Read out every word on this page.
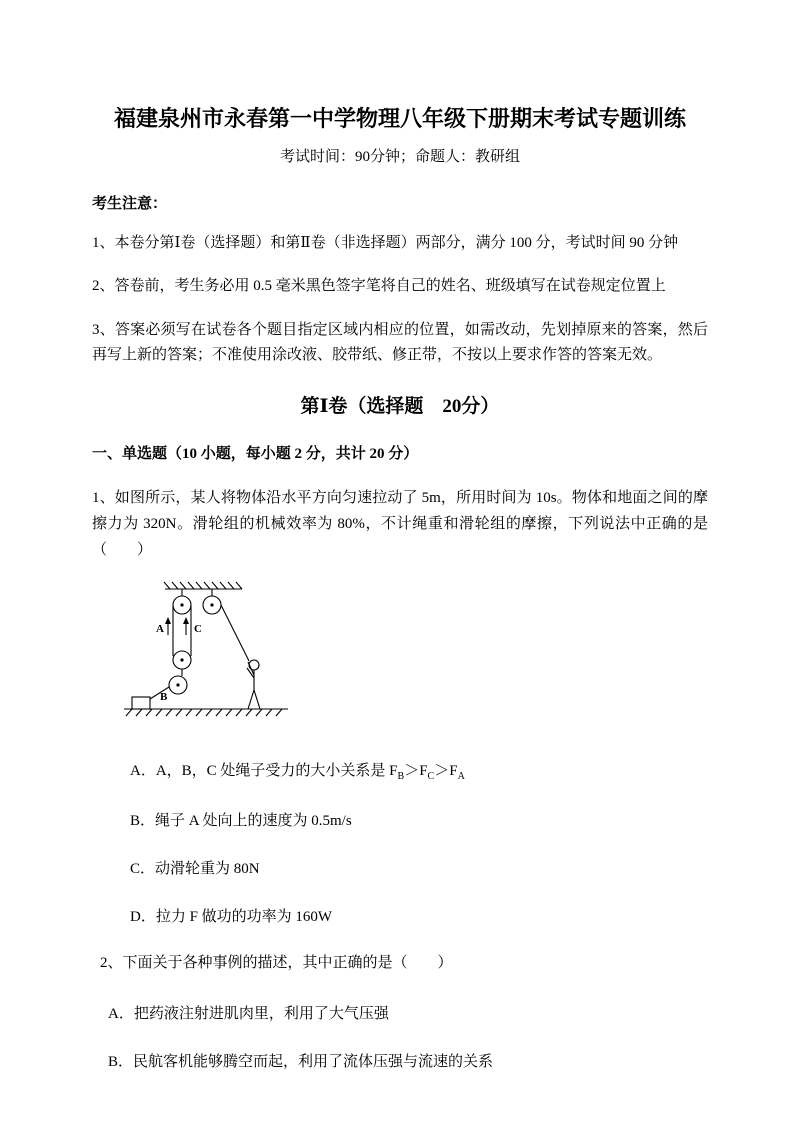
福建泉州市永春第一中学物理八年级下册期末考试专题训练

考试时间：90分钟；命题人：教研组

考生注意：

1、本卷分第Ⅰ卷（选择题）和第Ⅱ卷（非选择题）两部分，满分 100 分，考试时间 90 分钟

2、答卷前，考生务必用 0.5 毫米黑色签字笔将自己的姓名、班级填写在试卷规定位置上

3、答案必须写在试卷各个题目指定区域内相应的位置，如需改动，先划掉原来的答案，然后再写上新的答案；不准使用涂改液、胶带纸、修正带，不按以上要求作答的答案无效。

第Ⅰ卷（选择题　20分）
一、单选题（10 小题，每小题 2 分，共计 20 分）

1、如图所示，某人将物体沿水平方向匀速拉动了 5m，所用时间为 10s。物体和地面之间的摩擦力为 320N。滑轮组的机械效率为 80%，不计绳重和滑轮组的摩擦，下列说法中正确的是（　　）

A	C
B

A．A，B，C 处绳子受力的大小关系是 $F_B>F_C>F_A$

B．绳子 A 处向上的速度为 0.5m/s

C．动滑轮重为 80N

D．拉力 F 做功的功率为 160W

2、下面关于各种事例的描述，其中正确的是（　　）

A．把药液注射进肌肉里，利用了大气压强

B．民航客机能够腾空而起，利用了流体压强与流速的关系
